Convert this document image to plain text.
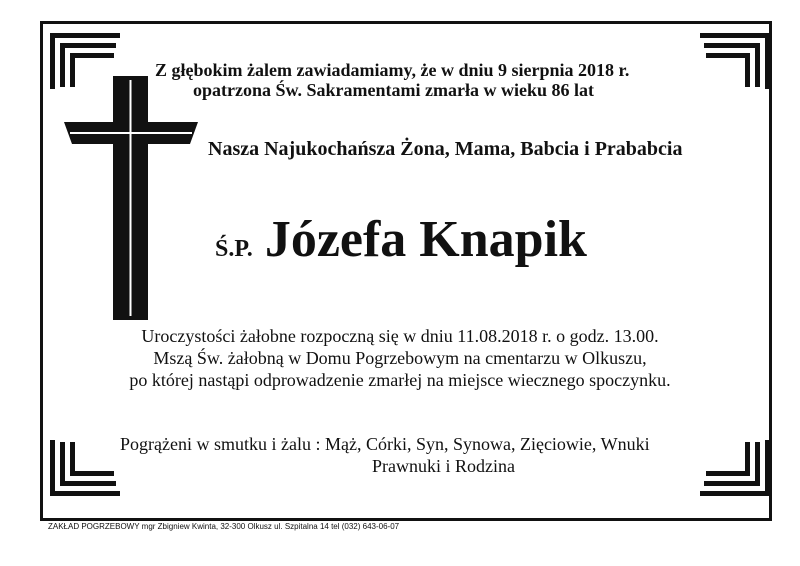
Z głębokim żalem zawiadamiamy, że w dniu 9 sierpnia 2018 r.
opatrzona Św. Sakramentami zmarła w wieku 86 lat
Nasza Najukochańsza Żona, Mama, Babcia i Prababcia
Ś.P. Józefa Knapik
Uroczystości żałobne rozpoczną się w dniu 11.08.2018 r. o godz. 13.00.
Mszą Św. żałobną w Domu Pogrzebowym na cmentarzu w Olkuszu,
po której nastąpi odprowadzenie zmarłej na miejsce wiecznego spoczynku.
Pogrążeni w smutku i żalu : Mąż, Córki, Syn, Synowa, Zięciowie, Wnuki
Prawnuki i Rodzina
ZAKŁAD POGRZEBOWY mgr Zbigniew Kwinta, 32-300 Olkusz ul. Szpitalna 14 tel (032) 643-06-07
